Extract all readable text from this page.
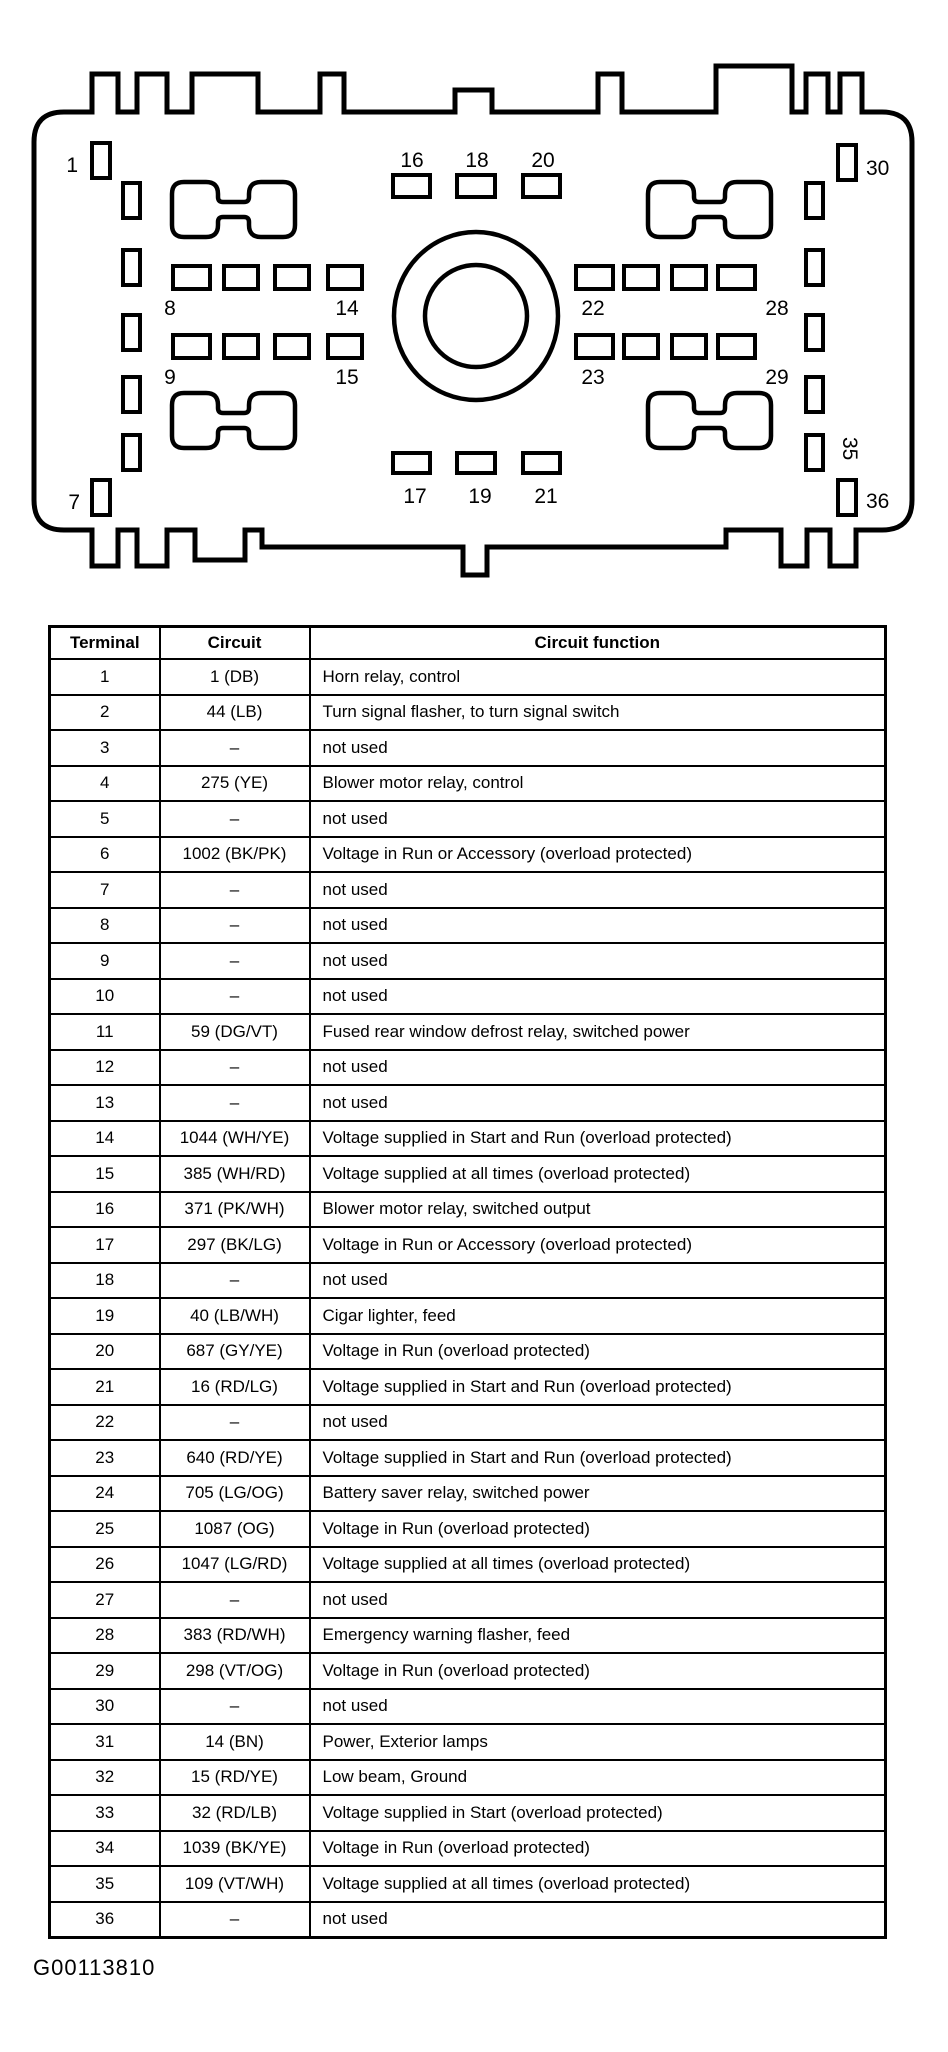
1	30
16 18 20
8	14	22	28
9	15	23	29
17 19 21
7
35
36
Terminal	Circuit	Circuit function
1	1 (DB)	Horn relay, control
2	44 (LB)	Turn signal flasher, to turn signal switch
3	–	not used
4	275 (YE)	Blower motor relay, control
5	–	not used
6	1002 (BK/PK)	Voltage in Run or Accessory (overload protected)
7	–	not used
8	–	not used
9	–	not used
10	–	not used
11	59 (DG/VT)	Fused rear window defrost relay, switched power
12	–	not used
13	–	not used
14	1044 (WH/YE)	Voltage supplied in Start and Run (overload protected)
15	385 (WH/RD)	Voltage supplied at all times (overload protected)
16	371 (PK/WH)	Blower motor relay, switched output
17	297 (BK/LG)	Voltage in Run or Accessory (overload protected)
18	–	not used
19	40 (LB/WH)	Cigar lighter, feed
20	687 (GY/YE)	Voltage in Run (overload protected)
21	16 (RD/LG)	Voltage supplied in Start and Run (overload protected)
22	–	not used
23	640 (RD/YE)	Voltage supplied in Start and Run (overload protected)
24	705 (LG/OG)	Battery saver relay, switched power
25	1087 (OG)	Voltage in Run (overload protected)
26	1047 (LG/RD)	Voltage supplied at all times (overload protected)
27	–	not used
28	383 (RD/WH)	Emergency warning flasher, feed
29	298 (VT/OG)	Voltage in Run (overload protected)
30	–	not used
31	14 (BN)	Power, Exterior lamps
32	15 (RD/YE)	Low beam, Ground
33	32 (RD/LB)	Voltage supplied in Start (overload protected)
34	1039 (BK/YE)	Voltage in Run (overload protected)
35	109 (VT/WH)	Voltage supplied at all times (overload protected)
36	–	not used
G00113810
